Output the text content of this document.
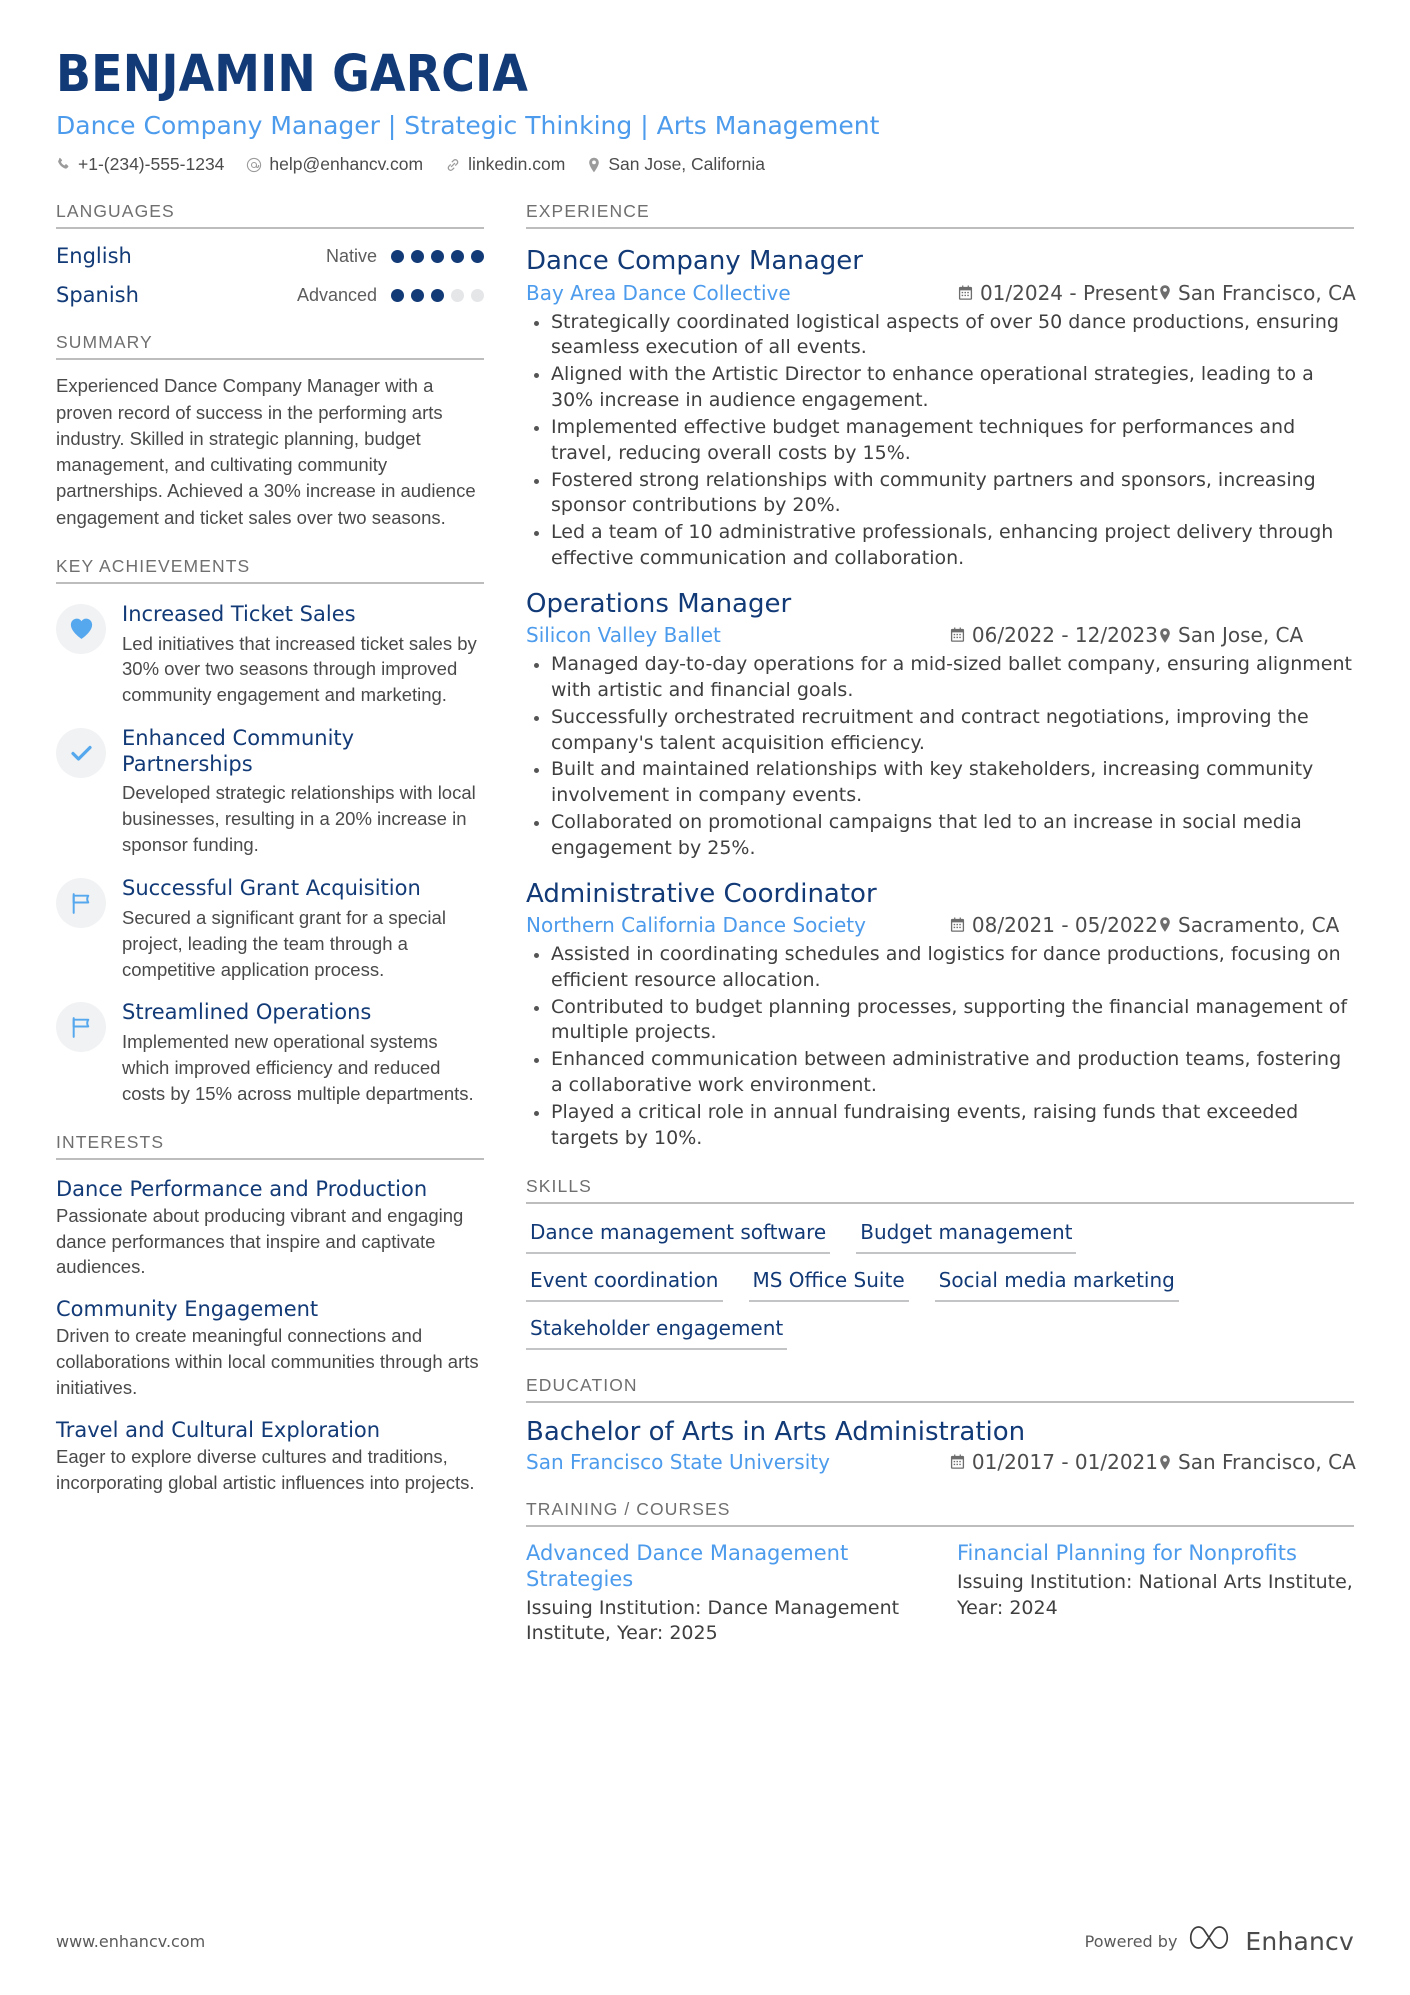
BENJAMIN GARCIA
Dance Company Manager | Strategic Thinking | Arts Management
+1-(234)-555-1234	help@enhancv.com	linkedin.com San Jose, California
LANGUAGES
English	Native
Spanish	Advanced
SUMMARY
Experienced Dance Company Manager with a proven record of success in the performing arts industry. Skilled in strategic planning, budget management, and cultivating community partnerships. Achieved a 30% increase in audience engagement and ticket sales over two seasons.
KEY ACHIEVEMENTS
Increased Ticket Sales
Led initiatives that increased ticket sales by 30% over two seasons through improved community engagement and marketing.
Enhanced Community Partnerships
Developed strategic relationships with local businesses, resulting in a 20% increase in sponsor funding.
Successful Grant Acquisition
Secured a significant grant for a special project, leading the team through a competitive application process.
Streamlined Operations
Implemented new operational systems which improved efficiency and reduced costs by 15% across multiple departments.
INTERESTS
Dance Performance and Production
Passionate about producing vibrant and engaging dance performances that inspire and captivate audiences.
Community Engagement
Driven to create meaningful connections and collaborations within local communities through arts initiatives.
Travel and Cultural Exploration
Eager to explore diverse cultures and traditions, incorporating global artistic influences into projects.
EXPERIENCE
Dance Company Manager
Bay Area Dance Collective	01/2024 - Present San Francisco, CA
Strategically coordinated logistical aspects of over 50 dance productions, ensuring seamless execution of all events.
Aligned with the Artistic Director to enhance operational strategies, leading to a 30% increase in audience engagement.
Implemented effective budget management techniques for performances and travel, reducing overall costs by 15%.
Fostered strong relationships with community partners and sponsors, increasing sponsor contributions by 20%.
Led a team of 10 administrative professionals, enhancing project delivery through effective communication and collaboration.
Operations Manager
Silicon Valley Ballet	06/2022 - 12/2023 San Jose, CA
Managed day-to-day operations for a mid-sized ballet company, ensuring alignment with artistic and financial goals.
Successfully orchestrated recruitment and contract negotiations, improving the company's talent acquisition efficiency.
Built and maintained relationships with key stakeholders, increasing community involvement in company events.
Collaborated on promotional campaigns that led to an increase in social media engagement by 25%.
Administrative Coordinator
Northern California Dance Society	08/2021 - 05/2022 Sacramento, CA
Assisted in coordinating schedules and logistics for dance productions, focusing on efficient resource allocation.
Contributed to budget planning processes, supporting the financial management of multiple projects.
Enhanced communication between administrative and production teams, fostering a collaborative work environment.
Played a critical role in annual fundraising events, raising funds that exceeded targets by 10%.
SKILLS
Dance management software Budget management
Event coordination MS Office Suite Social media marketing
Stakeholder engagement
EDUCATION
Bachelor of Arts in Arts Administration
San Francisco State University	01/2017 - 01/2021 San Francisco, CA
TRAINING / COURSES
Advanced Dance Management Strategies
Issuing Institution: Dance Management Institute, Year: 2025
Financial Planning for Nonprofits
Issuing Institution: National Arts Institute, Year: 2024
www.enhancv.com	Powered by	Enhancv
